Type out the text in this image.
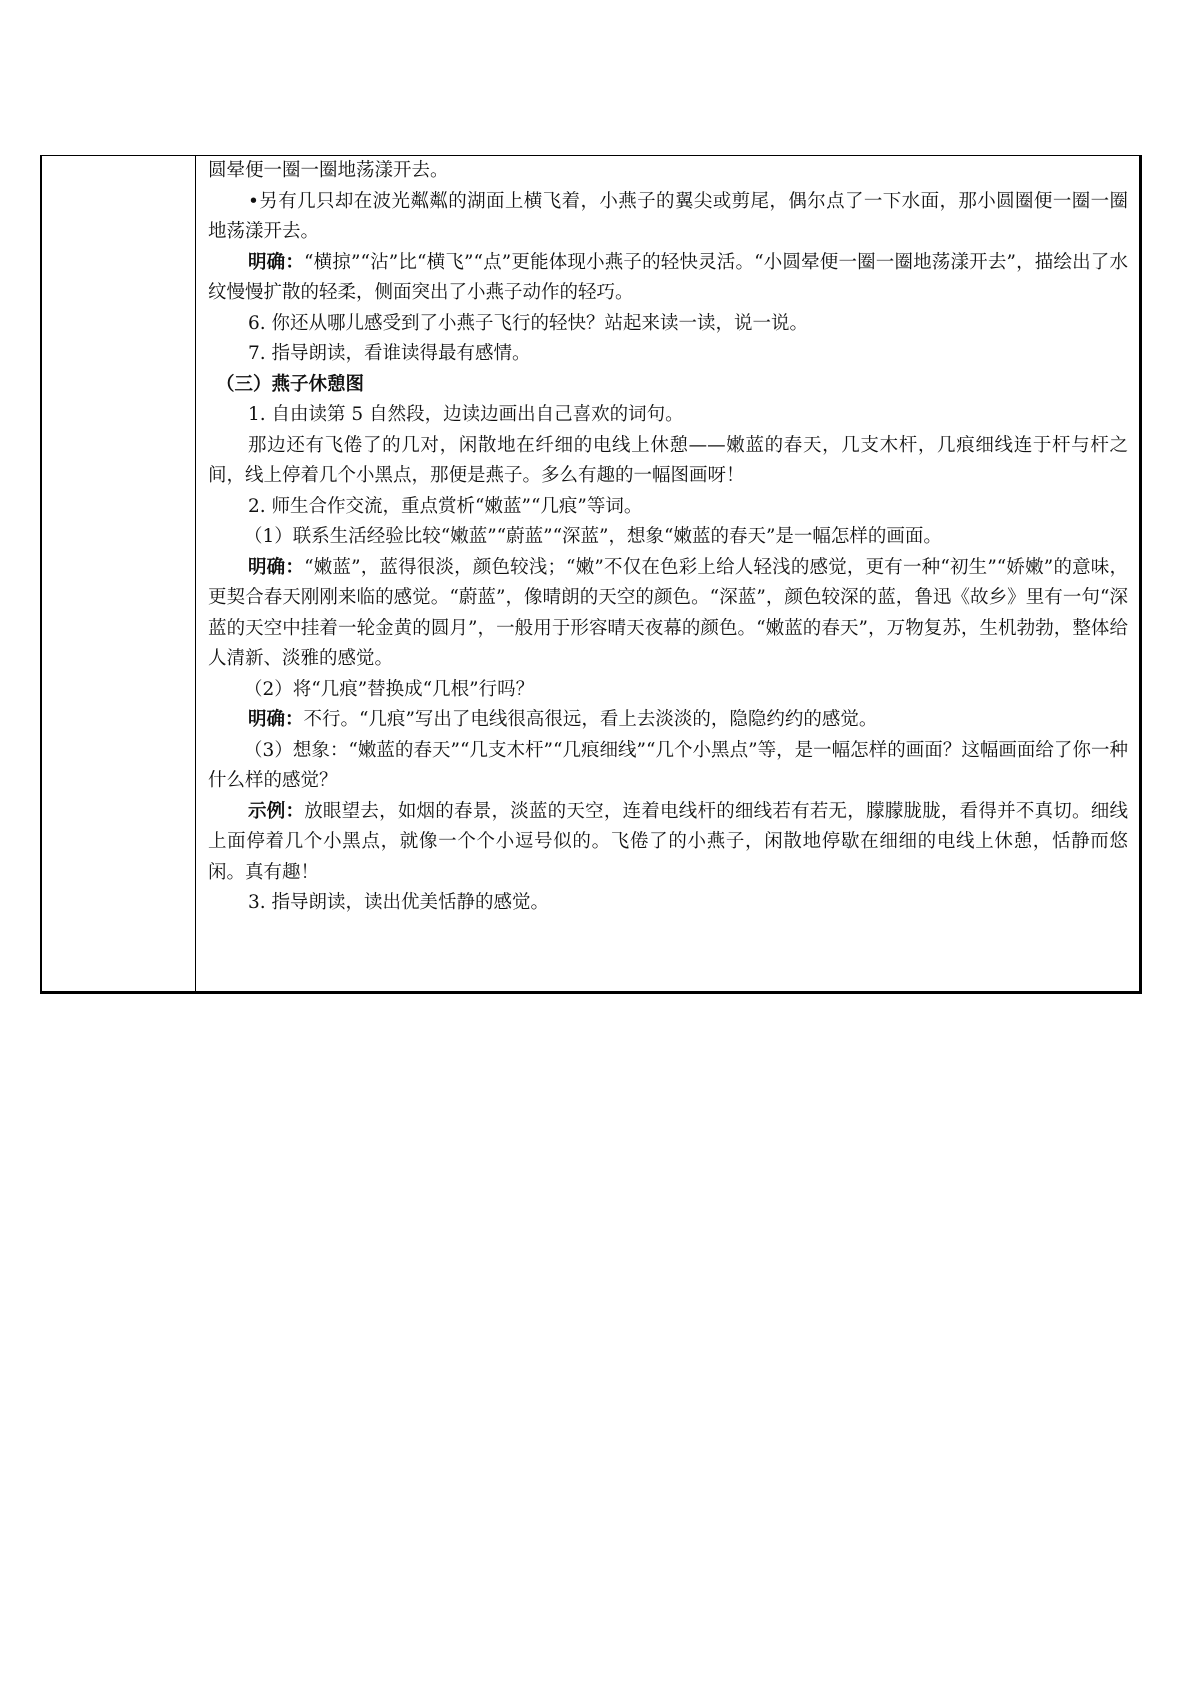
圆晕便一圈一圈地荡漾开去。

•另有几只却在波光粼粼的湖面上横飞着，小燕子的翼尖或剪尾，偶尔点了一下水面，那小圆圈便一圈一圈地荡漾开去。

明确：“横掠”“沾”比“横飞”“点”更能体现小燕子的轻快灵活。“小圆晕便一圈一圈地荡漾开去”，描绘出了水纹慢慢扩散的轻柔，侧面突出了小燕子动作的轻巧。

6. 你还从哪儿感受到了小燕子飞行的轻快？站起来读一读，说一说。

7. 指导朗读，看谁读得最有感情。

（三）燕子休憩图

1. 自由读第 5 自然段，边读边画出自己喜欢的词句。

那边还有飞倦了的几对，闲散地在纤细的电线上休憩——嫩蓝的春天，几支木杆，几痕细线连于杆与杆之间，线上停着几个小黑点，那便是燕子。多么有趣的一幅图画呀！

2. 师生合作交流，重点赏析“嫩蓝”“几痕”等词。

（1）联系生活经验比较“嫩蓝”“蔚蓝”“深蓝”，想象“嫩蓝的春天”是一幅怎样的画面。

明确：“嫩蓝”，蓝得很淡，颜色较浅；“嫩”不仅在色彩上给人轻浅的感觉，更有一种“初生”“娇嫩”的意味，更契合春天刚刚来临的感觉。“蔚蓝”，像晴朗的天空的颜色。“深蓝”，颜色较深的蓝，鲁迅《故乡》里有一句“深蓝的天空中挂着一轮金黄的圆月”，一般用于形容晴天夜幕的颜色。“嫩蓝的春天”，万物复苏，生机勃勃，整体给人清新、淡雅的感觉。

（2）将“几痕”替换成“几根”行吗？

明确：不行。“几痕”写出了电线很高很远，看上去淡淡的，隐隐约约的感觉。

（3）想象：“嫩蓝的春天”“几支木杆”“几痕细线”“几个小黑点”等，是一幅怎样的画面？这幅画面给了你一种什么样的感觉？

示例：放眼望去，如烟的春景，淡蓝的天空，连着电线杆的细线若有若无，朦朦胧胧，看得并不真切。细线上面停着几个小黑点，就像一个个小逗号似的。飞倦了的小燕子，闲散地停歇在细细的电线上休憩，恬静而悠闲。真有趣！

3. 指导朗读，读出优美恬静的感觉。
